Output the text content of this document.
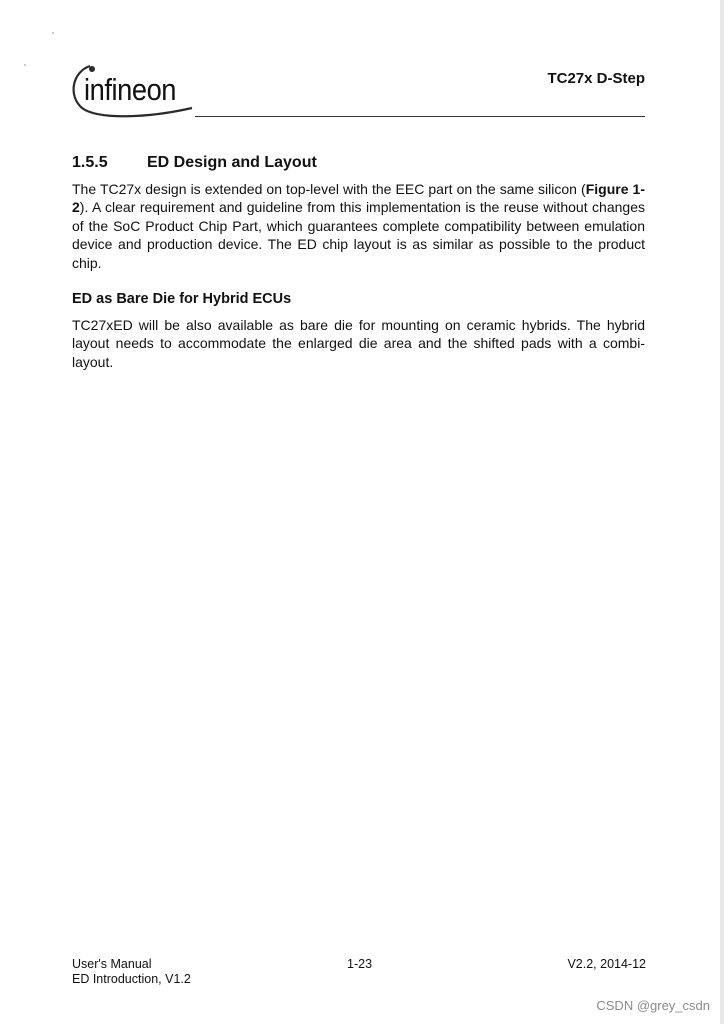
infineon	TC27x D-Step
1.5.5 ED Design and Layout
The TC27x design is extended on top-level with the EEC part on the same silicon (Figure 1-2). A clear requirement and guideline from this implementation is the reuse without changes of the SoC Product Chip Part, which guarantees complete compatibility between emulation device and production device. The ED chip layout is as similar as possible to the product chip.
ED as Bare Die for Hybrid ECUs
TC27xED will be also available as bare die for mounting on ceramic hybrids. The hybrid layout needs to accommodate the enlarged die area and the shifted pads with a combi-layout.
User's Manual
ED Introduction, V1.2
1-23	V2.2, 2014-12
CSDN @grey_csdn
